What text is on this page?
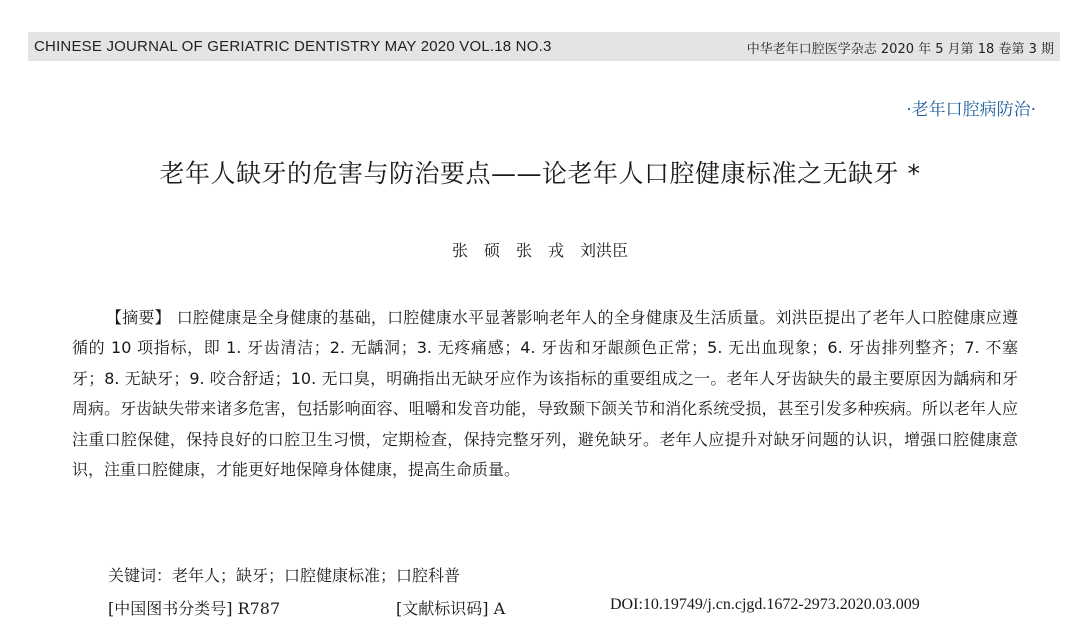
CHINESE JOURNAL OF GERIATRIC DENTISTRY MAY 2020 VOL.18 NO.3	中华老年口腔医学杂志 2020 年 5 月第 18 卷第 3 期
·老年口腔病防治·
老年人缺牙的危害与防治要点——论老年人口腔健康标准之无缺牙 *
张　硕　张　戎　刘洪臣
【摘要】 口腔健康是全身健康的基础，口腔健康水平显著影响老年人的全身健康及生活质量。刘洪臣提出了老年人口腔健康应遵循的 10 项指标，即 1. 牙齿清洁；2. 无龋洞；3. 无疼痛感；4. 牙齿和牙龈颜色正常；5. 无出血现象；6. 牙齿排列整齐；7. 不塞牙；8. 无缺牙；9. 咬合舒适；10. 无口臭，明确指出无缺牙应作为该指标的重要组成之一。老年人牙齿缺失的最主要原因为龋病和牙周病。牙齿缺失带来诸多危害，包括影响面容、咀嚼和发音功能，导致颞下颌关节和消化系统受损，甚至引发多种疾病。所以老年人应注重口腔保健，保持良好的口腔卫生习惯，定期检查，保持完整牙列，避免缺牙。老年人应提升对缺牙问题的认识，增强口腔健康意识，注重口腔健康，才能更好地保障身体健康，提高生命质量。
关键词：老年人；缺牙；口腔健康标准；口腔科普
[中国图书分类号] R787	[文献标识码] A	DOI:10.19749/j.cn.cjgd.1672-2973.2020.03.009
